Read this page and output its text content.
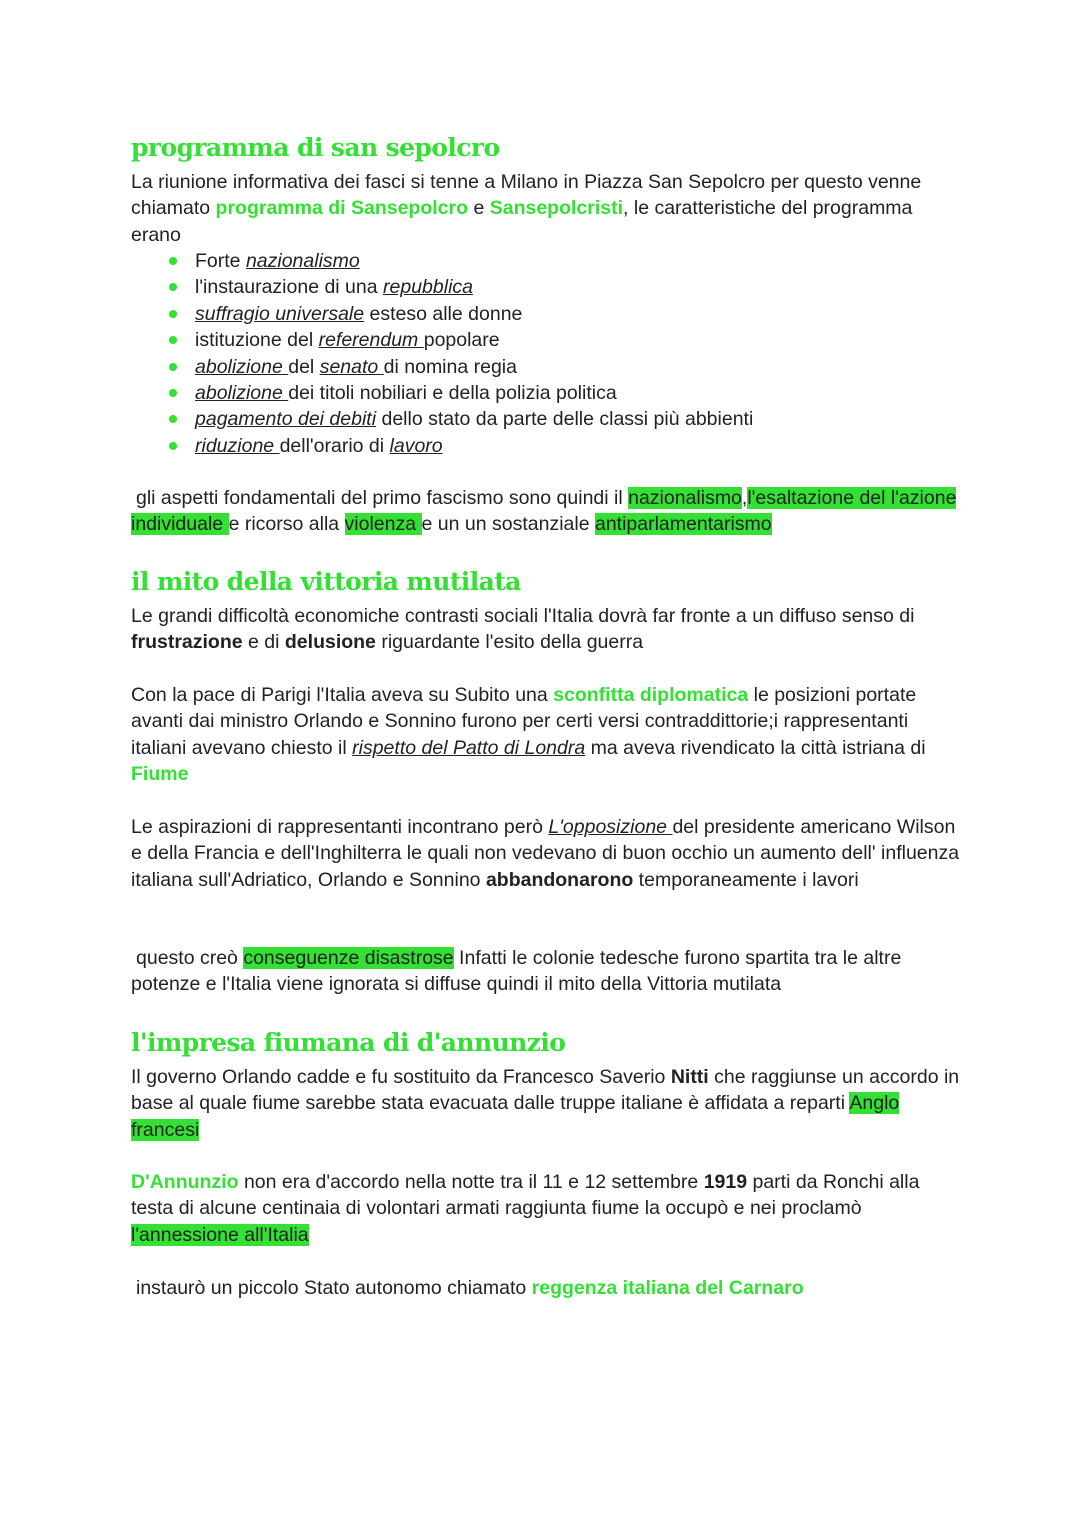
programma di san sepolcro

La riunione informativa dei fasci si tenne a Milano in Piazza San Sepolcro per questo venne chiamato programma di Sansepolcro e Sansepolcristi, le caratteristiche del programma erano

Forte nazionalismo
l'instaurazione di una repubblica
suffragio universale esteso alle donne
istituzione del referendum popolare
abolizione del senato di nomina regia
abolizione dei titoli nobiliari e della polizia politica
pagamento dei debiti dello stato da parte delle classi più abbienti
riduzione dell'orario di lavoro

gli aspetti fondamentali del primo fascismo sono quindi il nazionalismo,l'esaltazione del l'azione individuale e ricorso alla violenza e un un sostanziale antiparlamentarismo

il mito della vittoria mutilata

Le grandi difficoltà economiche contrasti sociali l'Italia dovrà far fronte a un diffuso senso di frustrazione e di delusione riguardante l'esito della guerra

Con la pace di Parigi l'Italia aveva su Subito una sconfitta diplomatica le posizioni portate avanti dai ministro Orlando e Sonnino furono per certi versi contraddittorie;i rappresentanti italiani avevano chiesto il rispetto del Patto di Londra ma aveva rivendicato la città istriana di Fiume

Le aspirazioni di rappresentanti incontrano però L'opposizione del presidente americano Wilson e della Francia e dell'Inghilterra le quali non vedevano di buon occhio un aumento dell' influenza italiana sull'Adriatico, Orlando e Sonnino abbandonarono temporaneamente i lavori

questo creò conseguenze disastrose Infatti le colonie tedesche furono spartita tra le altre potenze e l'Italia viene ignorata si diffuse quindi il mito della Vittoria mutilata

l'impresa fiumana di d'annunzio

Il governo Orlando cadde e fu sostituito da Francesco Saverio Nitti che raggiunse un accordo in base al quale fiume sarebbe stata evacuata dalle truppe italiane è affidata a reparti Anglo francesi

D'Annunzio non era d'accordo nella notte tra il 11 e 12 settembre 1919 parti da Ronchi alla testa di alcune centinaia di volontari armati raggiunta fiume la occupò e nei proclamò l'annessione all'Italia

instaurò un piccolo Stato autonomo chiamato reggenza italiana del Carnaro
